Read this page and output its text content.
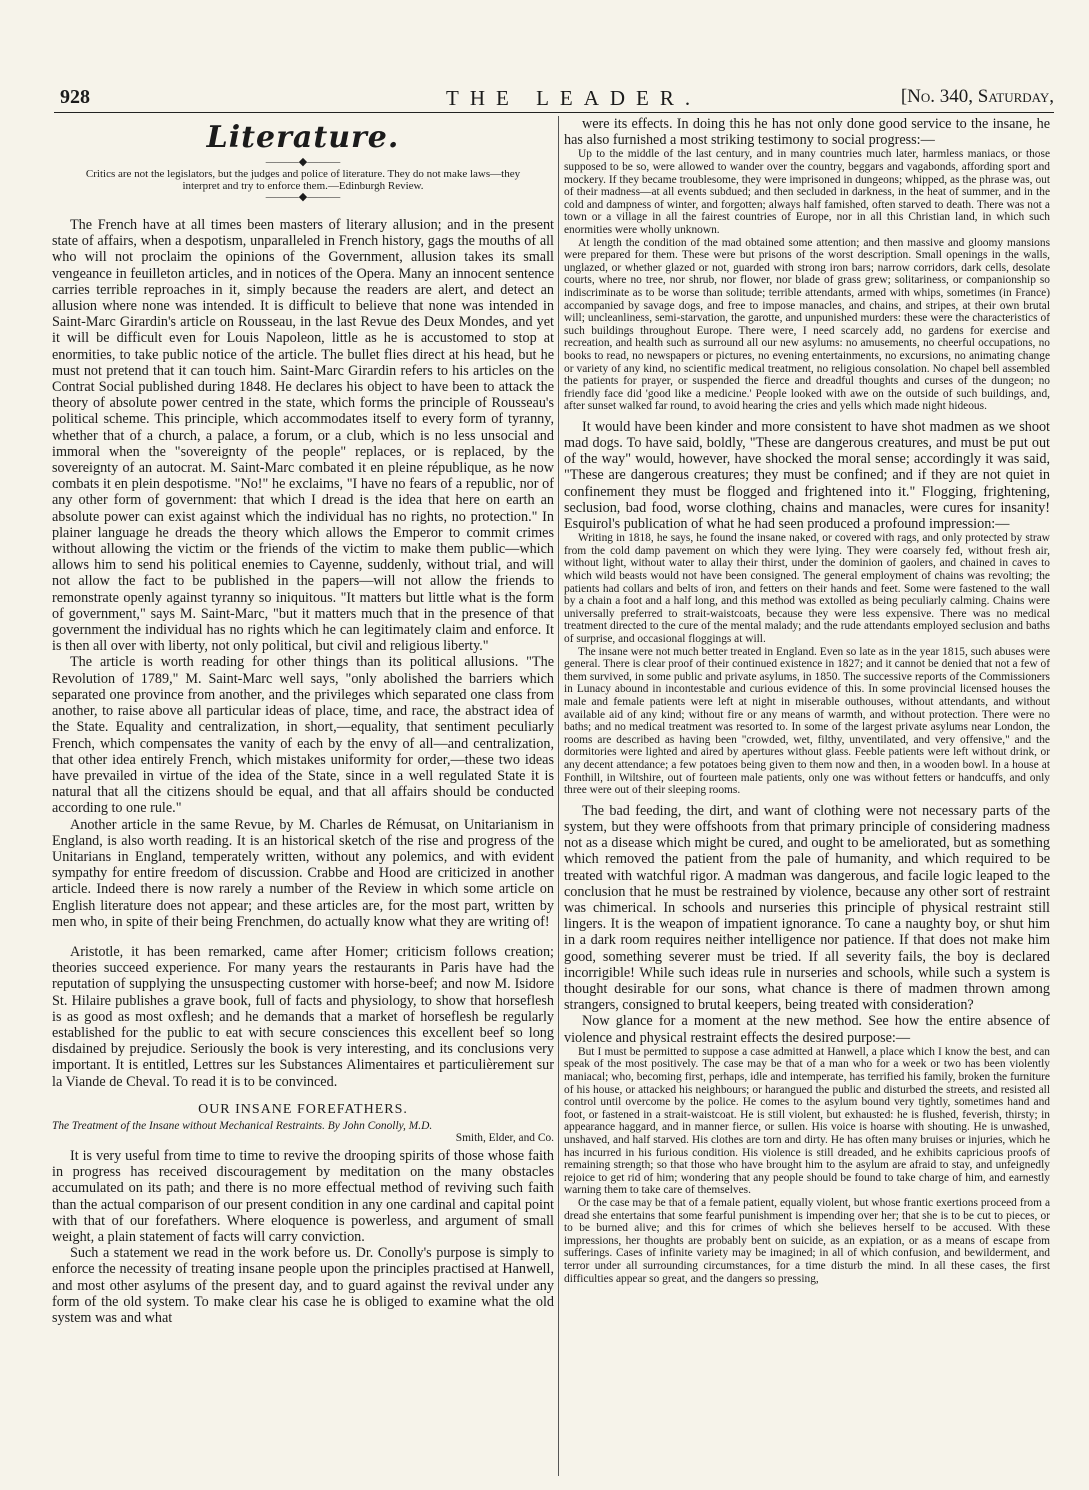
928	THE LEADER.	[No. 340, Saturday,
Literature.
———◆———

Critics are not the legislators, but the judges and police of literature. They do not make laws—they interpret and try to enforce them.—Edinburgh Review.

———◆———

The French have at all times been masters of literary allusion; and in the present state of affairs, when a despotism, unparalleled in French history, gags the mouths of all who will not proclaim the opinions of the Government, allusion takes its small vengeance in feuilleton articles, and in notices of the Opera. Many an innocent sentence carries terrible reproaches in it, simply because the readers are alert, and detect an allusion where none was intended. It is difficult to believe that none was intended in Saint-Marc Girardin's article on Rousseau, in the last Revue des Deux Mondes, and yet it will be difficult even for Louis Napoleon, little as he is accustomed to stop at enormities, to take public notice of the article. The bullet flies direct at his head, but he must not pretend that it can touch him. Saint-Marc Girardin refers to his articles on the Contrat Social published during 1848. He declares his object to have been to attack the theory of absolute power centred in the state, which forms the principle of Rousseau's political scheme. This principle, which accommodates itself to every form of tyranny, whether that of a church, a palace, a forum, or a club, which is no less unsocial and immoral when the "sovereignty of the people" replaces, or is replaced, by the sovereignty of an autocrat. M. Saint-Marc combated it en pleine république, as he now combats it en plein despotisme. "No!" he exclaims, "I have no fears of a republic, nor of any other form of government: that which I dread is the idea that here on earth an absolute power can exist against which the individual has no rights, no protection." In plainer language he dreads the theory which allows the Emperor to commit crimes without allowing the victim or the friends of the victim to make them public—which allows him to send his political enemies to Cayenne, suddenly, without trial, and will not allow the fact to be published in the papers—will not allow the friends to remonstrate openly against tyranny so iniquitous. "It matters but little what is the form of government," says M. Saint-Marc, "but it matters much that in the presence of that government the individual has no rights which he can legitimately claim and enforce. It is then all over with liberty, not only political, but civil and religious liberty."

The article is worth reading for other things than its political allusions. "The Revolution of 1789," M. Saint-Marc well says, "only abolished the barriers which separated one province from another, and the privileges which separated one class from another, to raise above all particular ideas of place, time, and race, the abstract idea of the State. Equality and centralization, in short,—equality, that sentiment peculiarly French, which compensates the vanity of each by the envy of all—and centralization, that other idea entirely French, which mistakes uniformity for order,—these two ideas have prevailed in virtue of the idea of the State, since in a well regulated State it is natural that all the citizens should be equal, and that all affairs should be conducted according to one rule."

Another article in the same Revue, by M. Charles de Rémusat, on Unitarianism in England, is also worth reading. It is an historical sketch of the rise and progress of the Unitarians in England, temperately written, without any polemics, and with evident sympathy for entire freedom of discussion. Crabbe and Hood are criticized in another article. Indeed there is now rarely a number of the Review in which some article on English literature does not appear; and these articles are, for the most part, written by men who, in spite of their being Frenchmen, do actually know what they are writing of!

Aristotle, it has been remarked, came after Homer; criticism follows creation; theories succeed experience. For many years the restaurants in Paris have had the reputation of supplying the unsuspecting customer with horse-beef; and now M. Isidore St. Hilaire publishes a grave book, full of facts and physiology, to show that horseflesh is as good as most oxflesh; and he demands that a market of horseflesh be regularly established for the public to eat with secure consciences this excellent beef so long disdained by prejudice. Seriously the book is very interesting, and its conclusions very important. It is entitled, Lettres sur les Substances Alimentaires et particulièrement sur la Viande de Cheval. To read it is to be convinced.

OUR INSANE FOREFATHERS.

The Treatment of the Insane without Mechanical Restraints. By John Conolly, M.D.

Smith, Elder, and Co.

It is very useful from time to time to revive the drooping spirits of those whose faith in progress has received discouragement by meditation on the many obstacles accumulated on its path; and there is no more effectual method of reviving such faith than the actual comparison of our present condition in any one cardinal and capital point with that of our forefathers. Where eloquence is powerless, and argument of small weight, a plain statement of facts will carry conviction.

Such a statement we read in the work before us. Dr. Conolly's purpose is simply to enforce the necessity of treating insane people upon the principles practised at Hanwell, and most other asylums of the present day, and to guard against the revival under any form of the old system. To make clear his case he is obliged to examine what the old system was and what

were its effects. In doing this he has not only done good service to the insane, he has also furnished a most striking testimony to social progress:—

Up to the middle of the last century, and in many countries much later, harmless maniacs, or those supposed to be so, were allowed to wander over the country, beggars and vagabonds, affording sport and mockery. If they became troublesome, they were imprisoned in dungeons; whipped, as the phrase was, out of their madness—at all events subdued; and then secluded in darkness, in the heat of summer, and in the cold and dampness of winter, and forgotten; always half famished, often starved to death. There was not a town or a village in all the fairest countries of Europe, nor in all this Christian land, in which such enormities were wholly unknown.

At length the condition of the mad obtained some attention; and then massive and gloomy mansions were prepared for them. These were but prisons of the worst description. Small openings in the walls, unglazed, or whether glazed or not, guarded with strong iron bars; narrow corridors, dark cells, desolate courts, where no tree, nor shrub, nor flower, nor blade of grass grew; solitariness, or companionship so indiscriminate as to be worse than solitude; terrible attendants, armed with whips, sometimes (in France) accompanied by savage dogs, and free to impose manacles, and chains, and stripes, at their own brutal will; uncleanliness, semi-starvation, the garotte, and unpunished murders: these were the characteristics of such buildings throughout Europe. There were, I need scarcely add, no gardens for exercise and recreation, and health such as surround all our new asylums: no amusements, no cheerful occupations, no books to read, no newspapers or pictures, no evening entertainments, no excursions, no animating change or variety of any kind, no scientific medical treatment, no religious consolation. No chapel bell assembled the patients for prayer, or suspended the fierce and dreadful thoughts and curses of the dungeon; no friendly face did 'good like a medicine.' People looked with awe on the outside of such buildings, and, after sunset walked far round, to avoid hearing the cries and yells which made night hideous.

It would have been kinder and more consistent to have shot madmen as we shoot mad dogs. To have said, boldly, "These are dangerous creatures, and must be put out of the way" would, however, have shocked the moral sense; accordingly it was said, "These are dangerous creatures; they must be confined; and if they are not quiet in confinement they must be flogged and frightened into it." Flogging, frightening, seclusion, bad food, worse clothing, chains and manacles, were cures for insanity! Esquirol's publication of what he had seen produced a profound impression:—

Writing in 1818, he says, he found the insane naked, or covered with rags, and only protected by straw from the cold damp pavement on which they were lying. They were coarsely fed, without fresh air, without light, without water to allay their thirst, under the dominion of gaolers, and chained in caves to which wild beasts would not have been consigned. The general employment of chains was revolting; the patients had collars and belts of iron, and fetters on their hands and feet. Some were fastened to the wall by a chain a foot and a half long, and this method was extolled as being peculiarly calming. Chains were universally preferred to strait-waistcoats, because they were less expensive. There was no medical treatment directed to the cure of the mental malady; and the rude attendants employed seclusion and baths of surprise, and occasional floggings at will.

The insane were not much better treated in England. Even so late as in the year 1815, such abuses were general. There is clear proof of their continued existence in 1827; and it cannot be denied that not a few of them survived, in some public and private asylums, in 1850. The successive reports of the Commissioners in Lunacy abound in incontestable and curious evidence of this. In some provincial licensed houses the male and female patients were left at night in miserable outhouses, without attendants, and without available aid of any kind; without fire or any means of warmth, and without protection. There were no baths; and no medical treatment was resorted to. In some of the largest private asylums near London, the rooms are described as having been "crowded, wet, filthy, unventilated, and very offensive," and the dormitories were lighted and aired by apertures without glass. Feeble patients were left without drink, or any decent attendance; a few potatoes being given to them now and then, in a wooden bowl. In a house at Fonthill, in Wiltshire, out of fourteen male patients, only one was without fetters or handcuffs, and only three were out of their sleeping rooms.

The bad feeding, the dirt, and want of clothing were not necessary parts of the system, but they were offshoots from that primary principle of considering madness not as a disease which might be cured, and ought to be ameliorated, but as something which removed the patient from the pale of humanity, and which required to be treated with watchful rigor. A madman was dangerous, and facile logic leaped to the conclusion that he must be restrained by violence, because any other sort of restraint was chimerical. In schools and nurseries this principle of physical restraint still lingers. It is the weapon of impatient ignorance. To cane a naughty boy, or shut him in a dark room requires neither intelligence nor patience. If that does not make him good, something severer must be tried. If all severity fails, the boy is declared incorrigible! While such ideas rule in nurseries and schools, while such a system is thought desirable for our sons, what chance is there of madmen thrown among strangers, consigned to brutal keepers, being treated with consideration?

Now glance for a moment at the new method. See how the entire absence of violence and physical restraint effects the desired purpose:—

But I must be permitted to suppose a case admitted at Hanwell, a place which I know the best, and can speak of the most positively. The case may be that of a man who for a week or two has been violently maniacal; who, becoming first, perhaps, idle and intemperate, has terrified his family, broken the furniture of his house, or attacked his neighbours; or harangued the public and disturbed the streets, and resisted all control until overcome by the police. He comes to the asylum bound very tightly, sometimes hand and foot, or fastened in a strait-waistcoat. He is still violent, but exhausted: he is flushed, feverish, thirsty; in appearance haggard, and in manner fierce, or sullen. His voice is hoarse with shouting. He is unwashed, unshaved, and half starved. His clothes are torn and dirty. He has often many bruises or injuries, which he has incurred in his furious condition. His violence is still dreaded, and he exhibits capricious proofs of remaining strength; so that those who have brought him to the asylum are afraid to stay, and unfeignedly rejoice to get rid of him; wondering that any people should be found to take charge of him, and earnestly warning them to take care of themselves.

Or the case may be that of a female patient, equally violent, but whose frantic exertions proceed from a dread she entertains that some fearful punishment is impending over her; that she is to be cut to pieces, or to be burned alive; and this for crimes of which she believes herself to be accused. With these impressions, her thoughts are probably bent on suicide, as an expiation, or as a means of escape from sufferings. Cases of infinite variety may be imagined; in all of which confusion, and bewilderment, and terror under all surrounding circumstances, for a time disturb the mind. In all these cases, the first difficulties appear so great, and the dangers so pressing,
